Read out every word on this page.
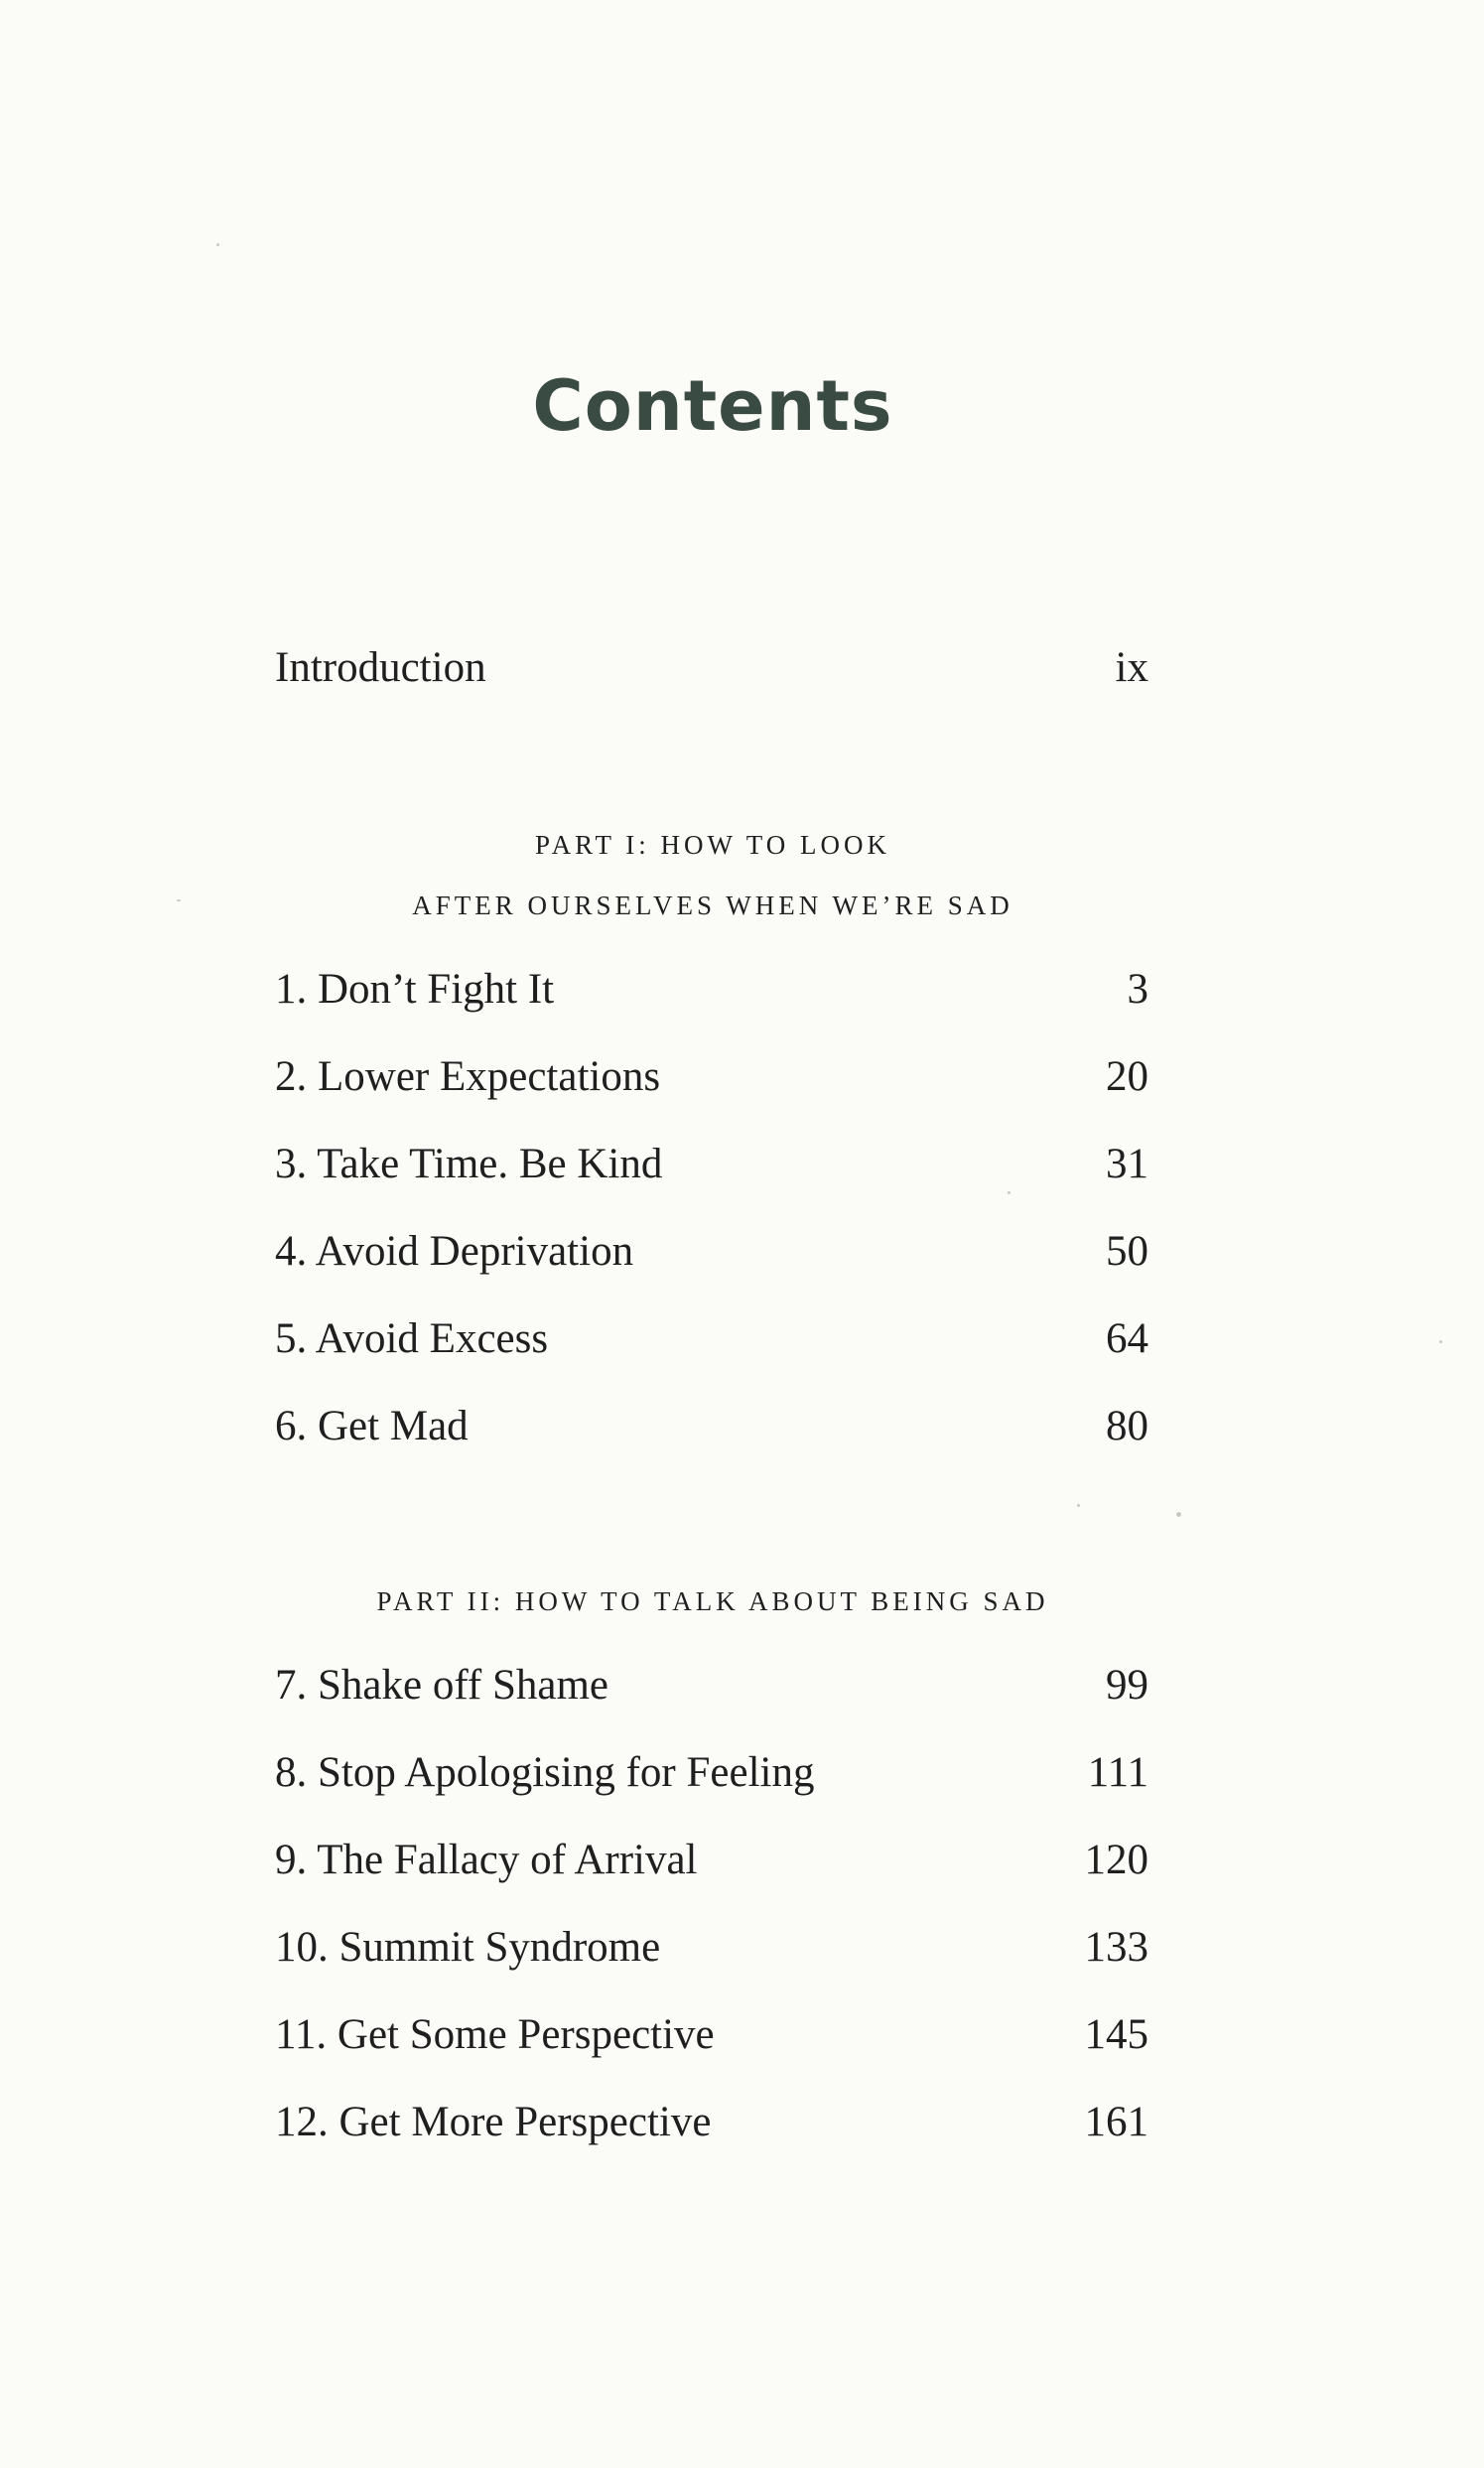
Contents
Introduction	ix
PART I: HOW TO LOOK
AFTER OURSELVES WHEN WE’RE SAD
1. Don’t Fight It	3
2. Lower Expectations	20
3. Take Time. Be Kind	31
4. Avoid Deprivation	50
5. Avoid Excess	64
6. Get Mad	80
PART II: HOW TO TALK ABOUT BEING SAD
7. Shake off Shame	99
8. Stop Apologising for Feeling	111
9. The Fallacy of Arrival	120
10. Summit Syndrome	133
11. Get Some Perspective	145
12. Get More Perspective	161
